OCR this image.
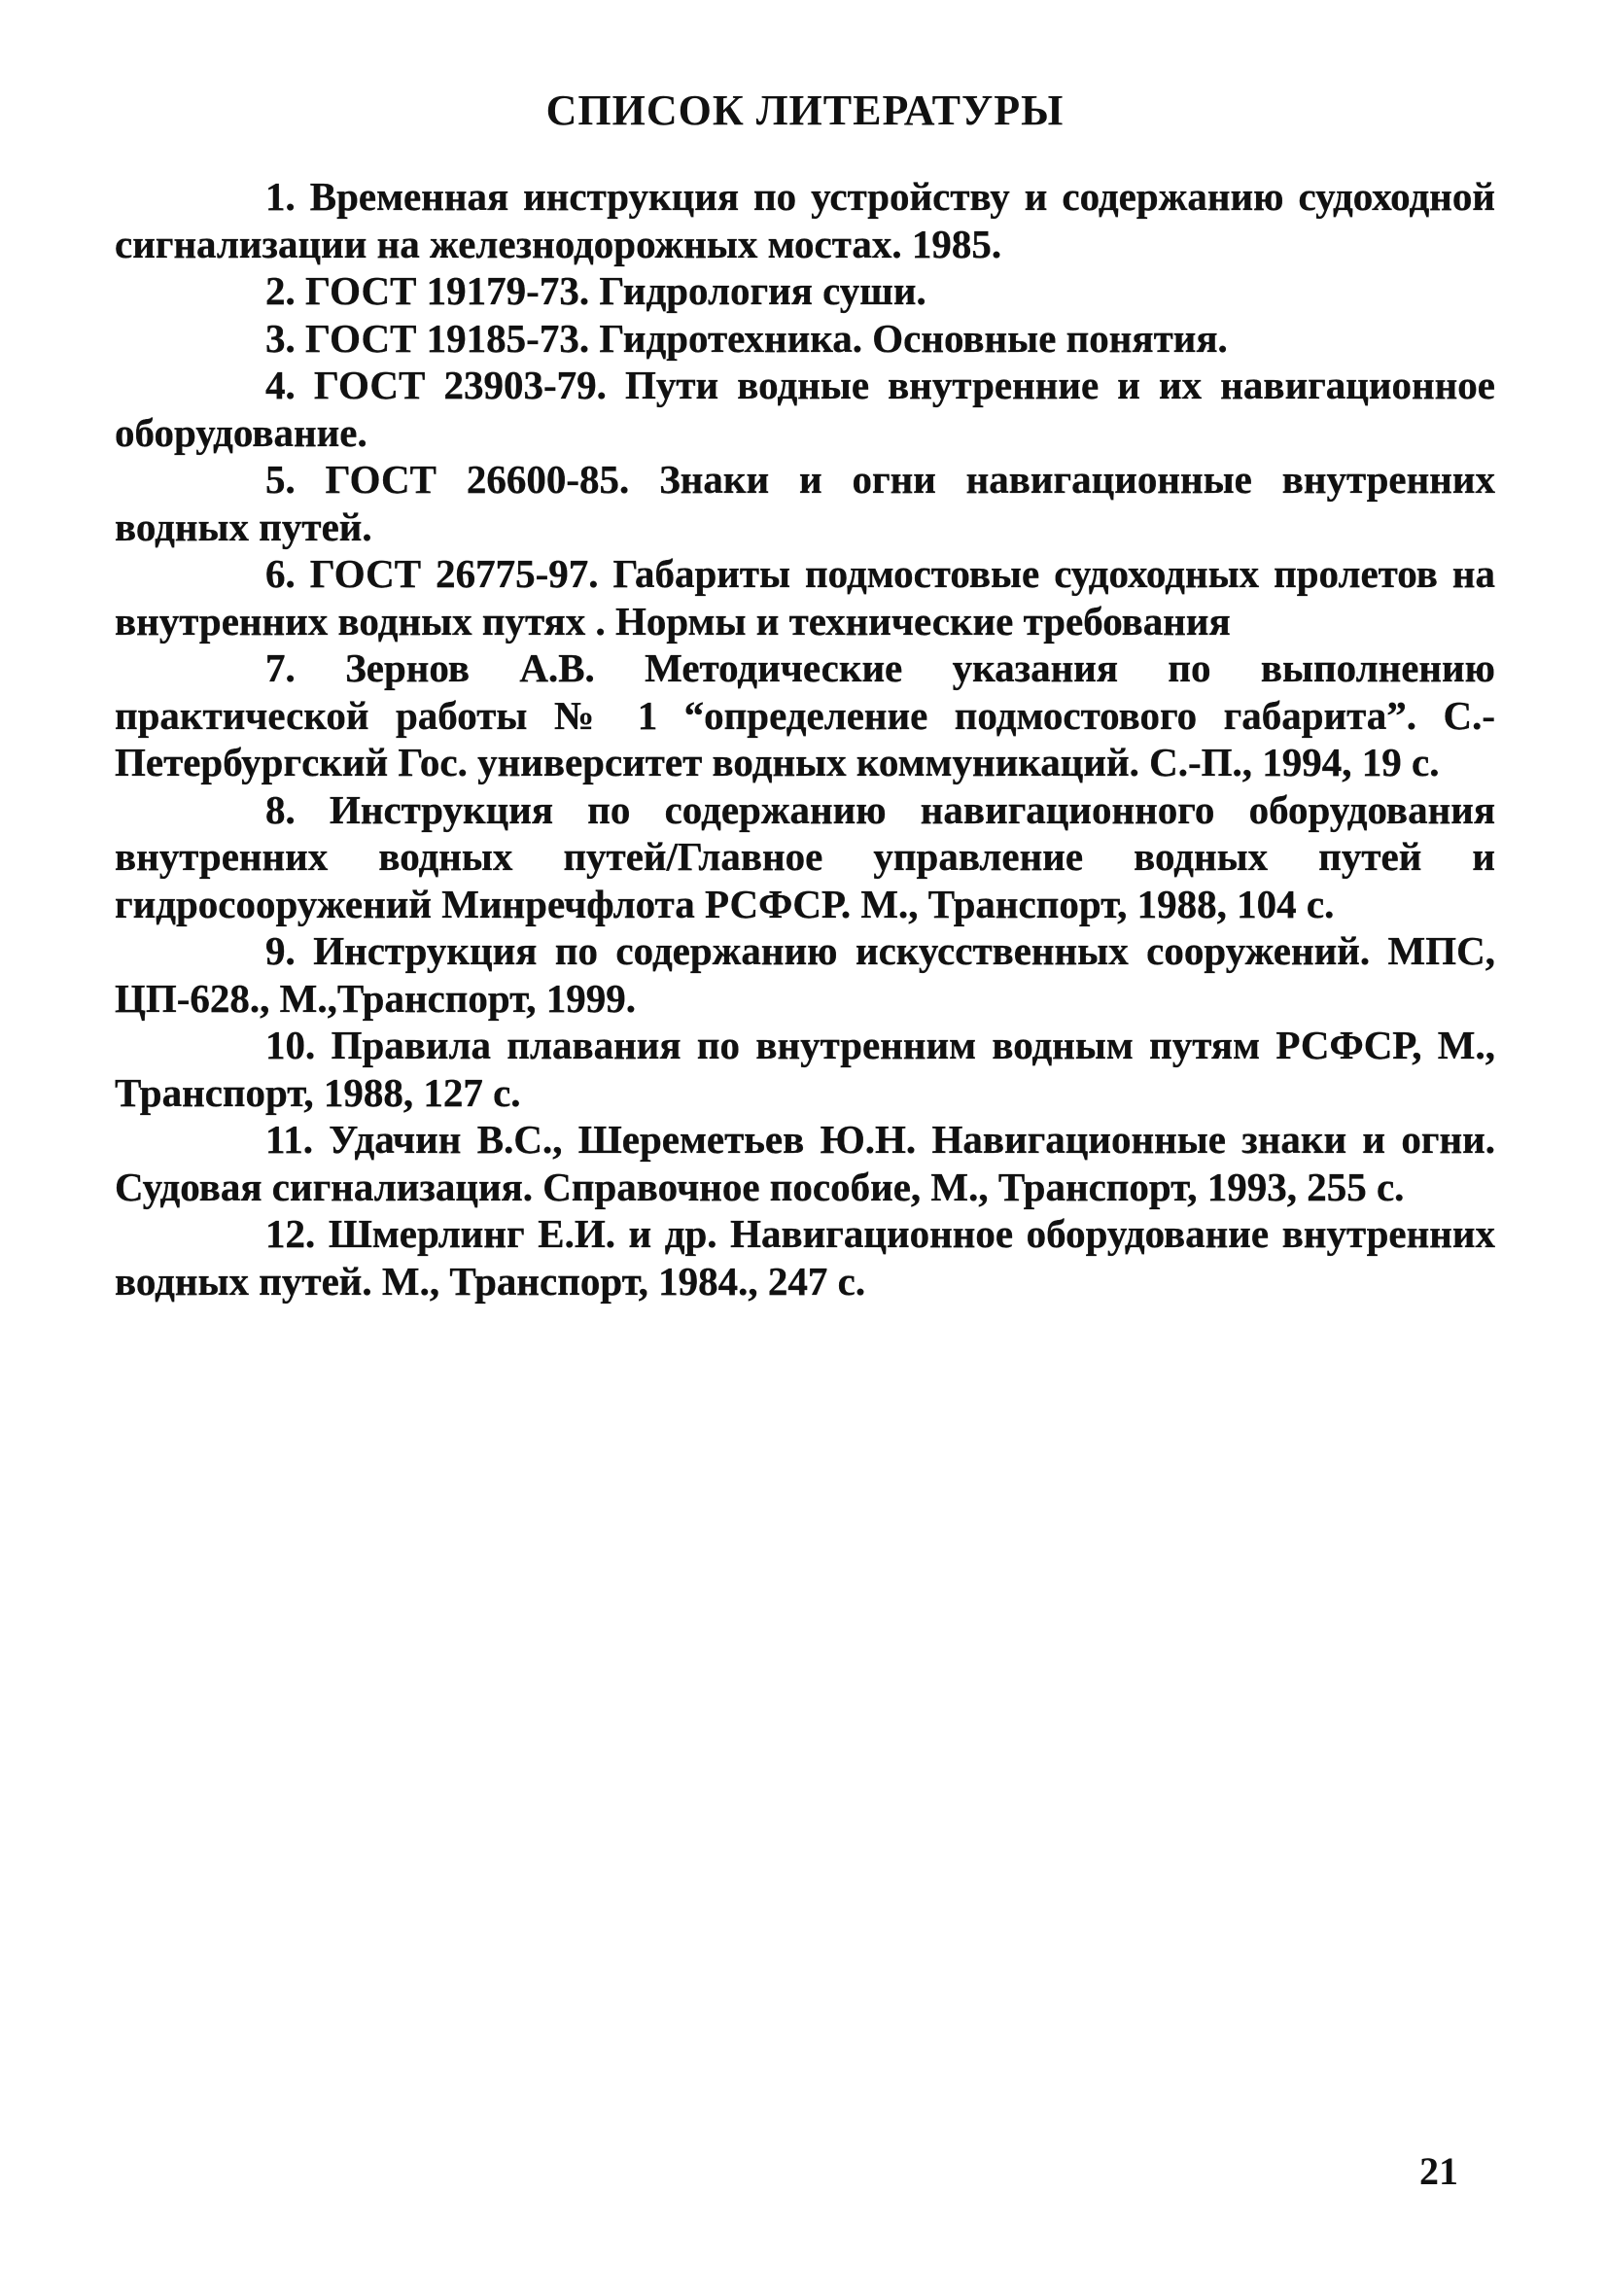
СПИСОК ЛИТЕРАТУРЫ
1. Временная инструкция по устройству и содержанию судоходной сигнализации на железнодорожных мостах. 1985.
2. ГОСТ 19179-73. Гидрология суши.
3. ГОСТ 19185-73. Гидротехника. Основные понятия.
4. ГОСТ 23903-79. Пути водные внутренние и их навигационное оборудование.
5. ГОСТ 26600-85. Знаки и огни навигационные внутренних водных путей.
6. ГОСТ 26775-97. Габариты подмостовые судоходных пролетов на внутренних водных путях . Нормы и технические требования
7. Зернов А.В. Методические указания по выполнению практической работы № 1 “определение подмостового габарита”. С.-Петербургский Гос. университет водных коммуникаций. С.-П., 1994, 19 с.
8. Инструкция по содержанию навигационного оборудования внутренних водных путей/Главное управление водных путей и гидросооружений Минречфлота РСФСР. М., Транспорт, 1988, 104 с.
9. Инструкция по содержанию искусственных сооружений. МПС, ЦП-628., М.,Транспорт, 1999.
10. Правила плавания по внутренним водным путям РСФСР, М., Транспорт, 1988, 127 с.
11. Удачин В.С., Шереметьев Ю.Н. Навигационные знаки и огни. Судовая сигнализация. Справочное пособие, М., Транспорт, 1993, 255 с.
12. Шмерлинг Е.И. и др. Навигационное оборудование внутренних водных путей. М., Транспорт, 1984., 247 с.

21
